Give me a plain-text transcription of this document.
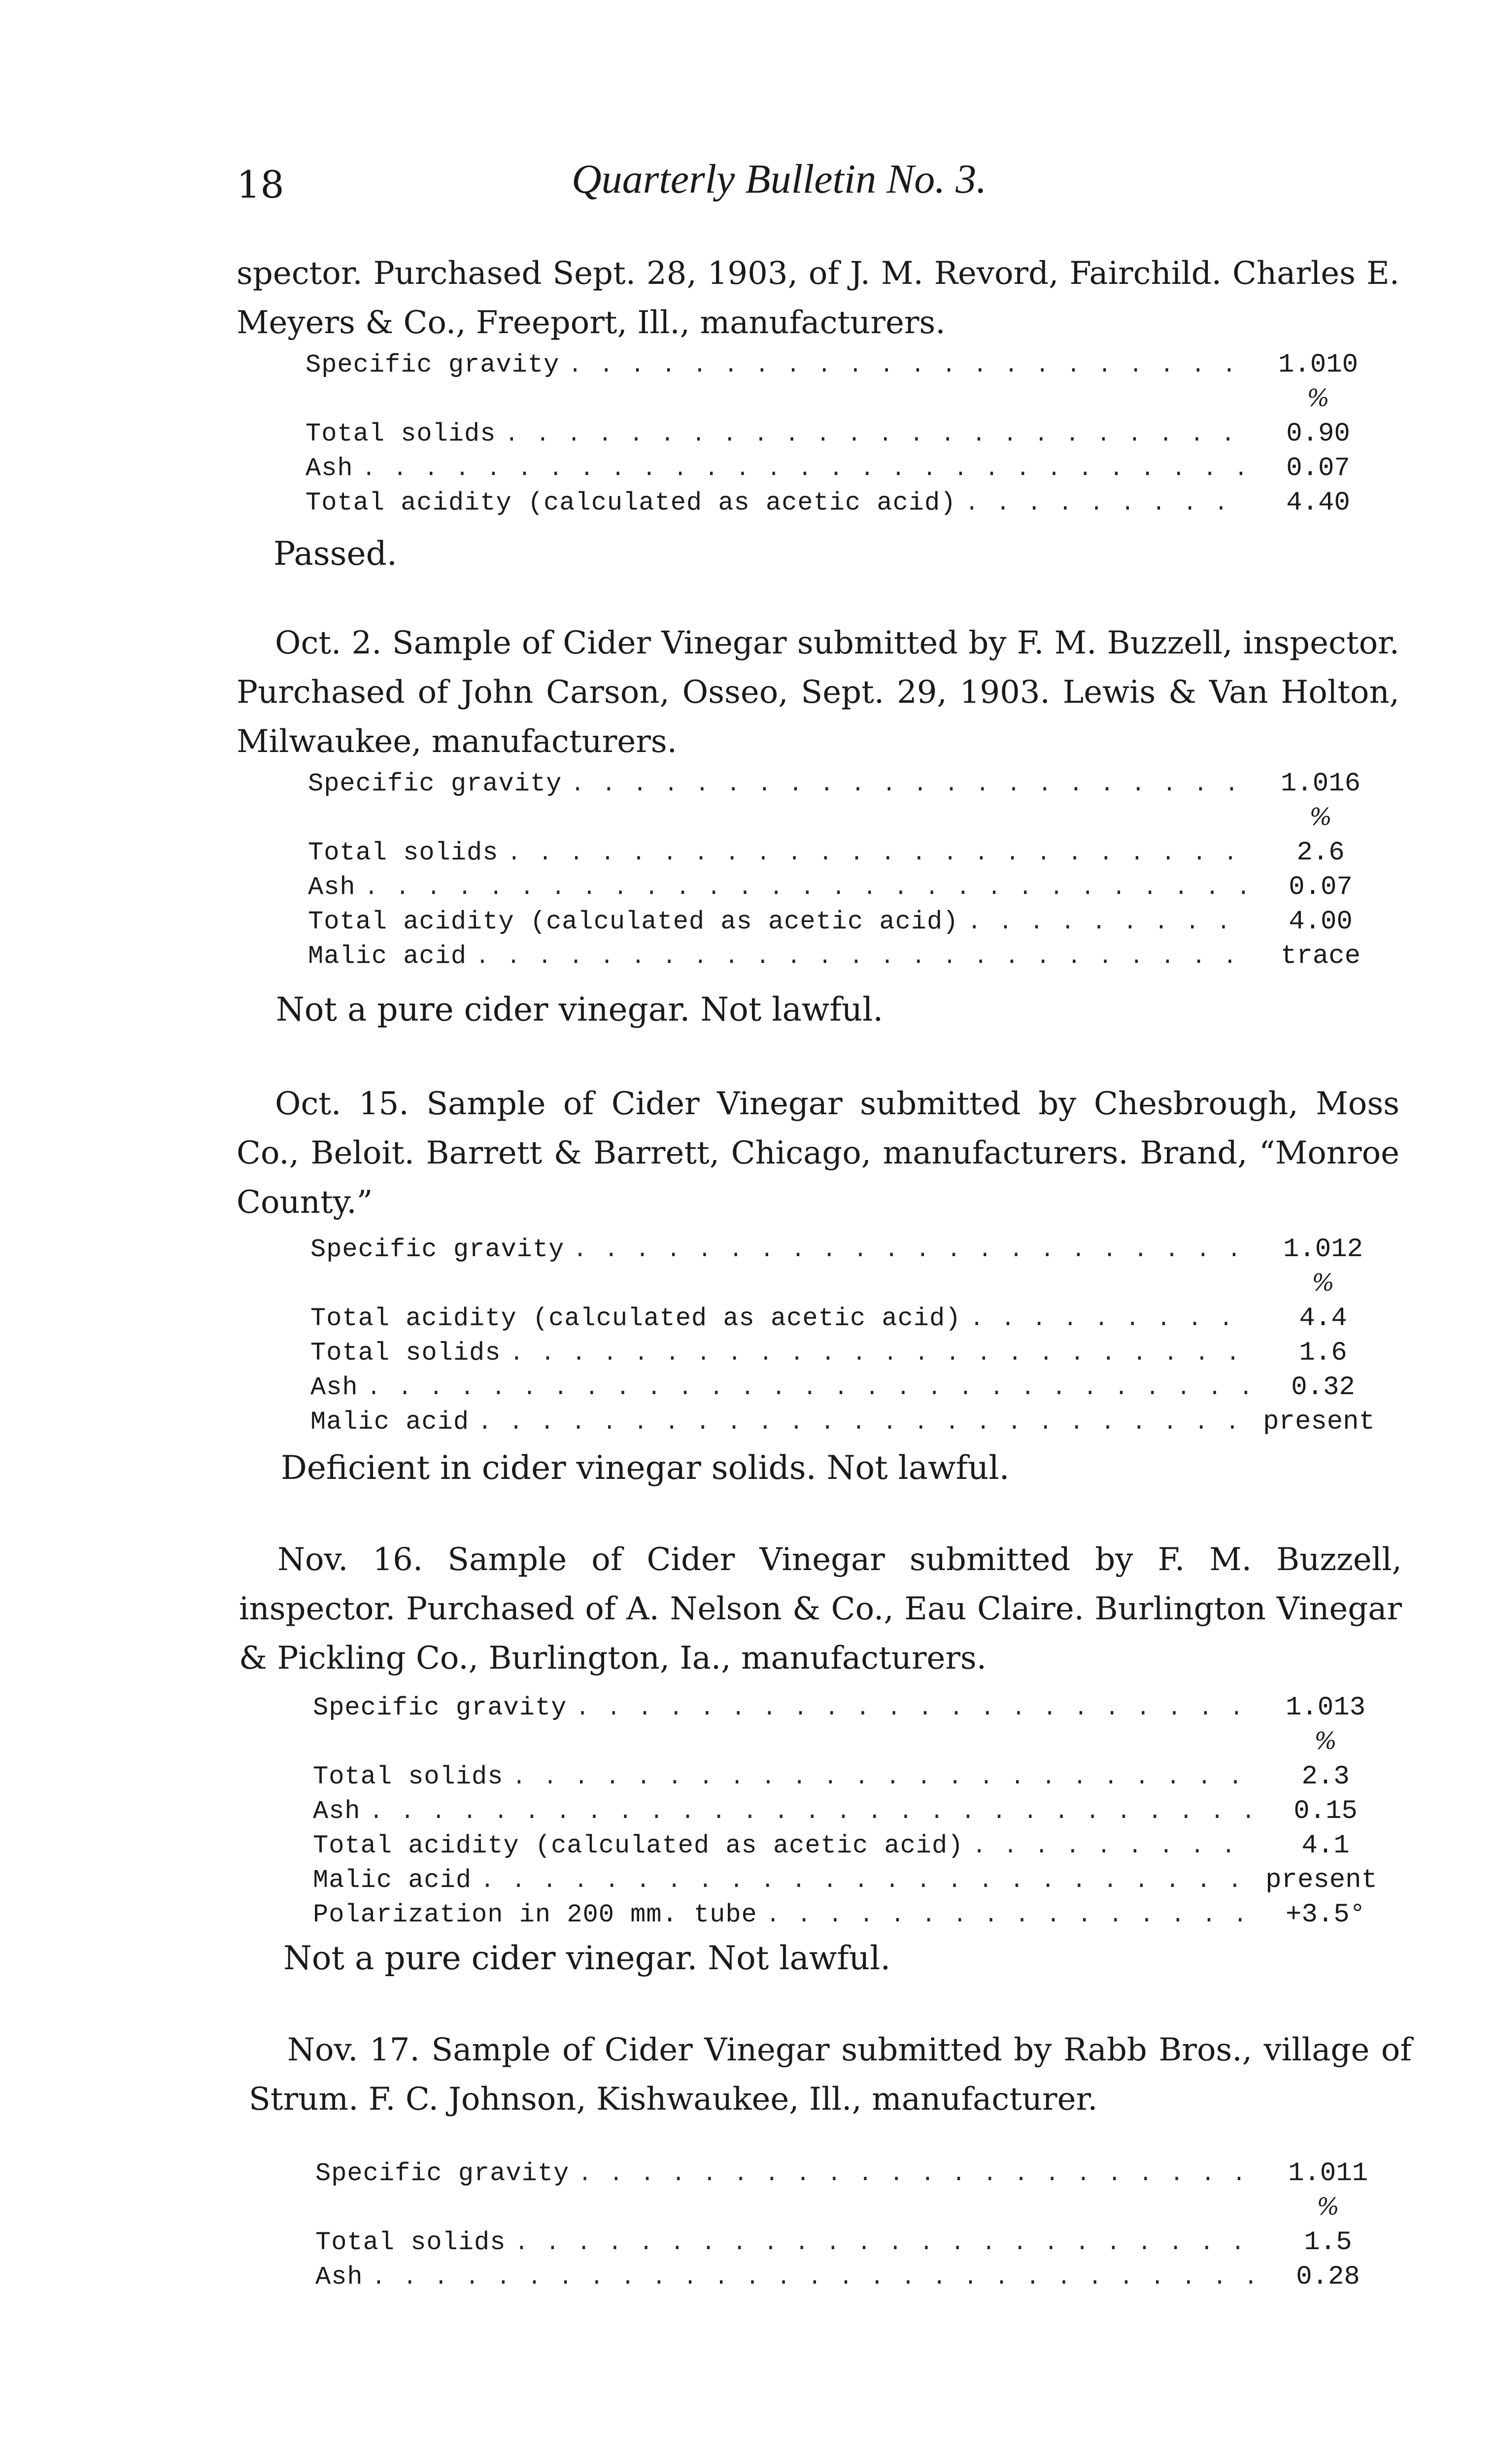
18	Quarterly Bulletin No. 3.
spector. Purchased Sept. 28, 1903, of J. M. Revord, Fairchild. Charles E. Meyers & Co., Freeport, Ill., manufacturers.
Specific gravity . . .	1.010
%
Total solids . . .	0.90
Ash . . .	0.07
Total acidity (calculated as acetic acid) . . .	4.40
Passed.
Oct. 2. Sample of Cider Vinegar submitted by F. M. Buzzell, inspector. Purchased of John Carson, Osseo, Sept. 29, 1903. Lewis & Van Holton, Milwaukee, manufacturers.
Specific gravity . . .	1.016
%
Total solids . . .	2.6
Ash . . .	0.07
Total acidity (calculated as acetic acid) . . .	4.00
Malic acid . . .	trace
Not a pure cider vinegar. Not lawful.
Oct. 15. Sample of Cider Vinegar submitted by Chesbrough, Moss Co., Beloit. Barrett & Barrett, Chicago, manufacturers. Brand, “Monroe County.”
Specific gravity . . .	1.012
%
Total acidity (calculated as acetic acid) . . .	4.4
Total solids . . .	1.6
Ash . . .	0.32
Malic acid . . .	present
Deficient in cider vinegar solids. Not lawful.
Nov. 16. Sample of Cider Vinegar submitted by F. M. Buzzell, inspector. Purchased of A. Nelson & Co., Eau Claire. Burlington Vinegar & Pickling Co., Burlington, Ia., manufacturers.
Specific gravity . . .	1.013
%
Total solids . . .	2.3
Ash . . .	0.15
Total acidity (calculated as acetic acid) . . .	4.1
Malic acid . . .	present
Polarization in 200 mm. tube . . .	+3.5°
Not a pure cider vinegar. Not lawful.
Nov. 17. Sample of Cider Vinegar submitted by Rabb Bros., village of Strum. F. C. Johnson, Kishwaukee, Ill., manufacturer.
Specific gravity . . .	1.011
%
Total solids . . .	1.5
Ash . . .	0.28
